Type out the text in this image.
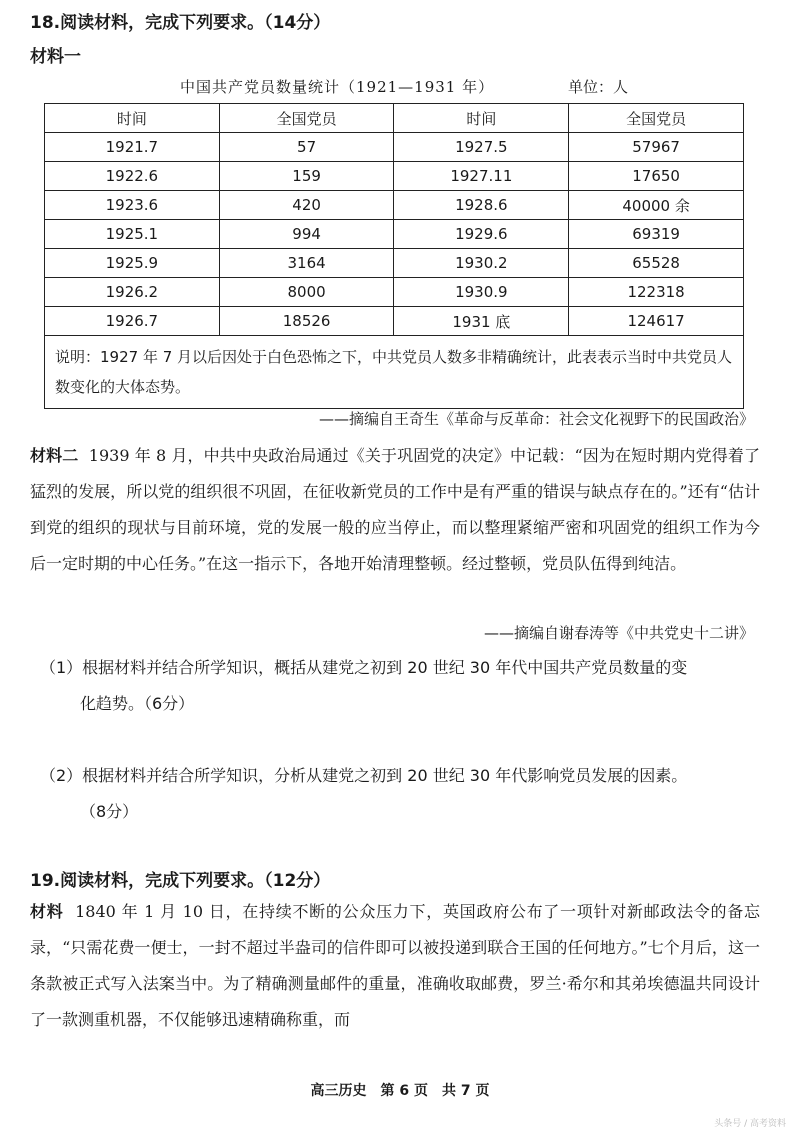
18.阅读材料，完成下列要求。（14分）
材料一
中国共产党员数量统计（1921—1931 年）	单位：人
时间	全国党员	时间	全国党员
1921.7	57	1927.5	57967
1922.6	159	1927.11	17650
1923.6	420	1928.6	40000 余
1925.1	994	1929.6	69319
1925.9	3164	1930.2	65528
1926.2	8000	1930.9	122318
1926.7	18526	1931 底	124617
说明：1927 年 7 月以后因处于白色恐怖之下，中共党员人数多非精确统计，此表表示当时中共党员人数变化的大体态势。			
——摘编自王奇生《革命与反革命：社会文化视野下的民国政治》
材料二 1939 年 8 月，中共中央政治局通过《关于巩固党的决定》中记载：“因为在短时期内党得着了猛烈的发展，所以党的组织很不巩固，在征收新党员的工作中是有严重的错误与缺点存在的。”还有“估计到党的组织的现状与目前环境，党的发展一般的应当停止，而以整理紧缩严密和巩固党的组织工作为今后一定时期的中心任务。”在这一指示下，各地开始清理整顿。经过整顿，党员队伍得到纯洁。
——摘编自谢春涛等《中共党史十二讲》
（1）根据材料并结合所学知识，概括从建党之初到 20 世纪 30 年代中国共产党员数量的变
化趋势。（6分）
（2）根据材料并结合所学知识，分析从建党之初到 20 世纪 30 年代影响党员发展的因素。
（8分）
19.阅读材料，完成下列要求。（12分）
材料 1840 年 1 月 10 日，在持续不断的公众压力下，英国政府公布了一项针对新邮政法令的备忘录，“只需花费一便士，一封不超过半盎司的信件即可以被投递到联合王国的任何地方。”七个月后，这一条款被正式写入法案当中。为了精确测量邮件的重量，准确收取邮费，罗兰·希尔和其弟埃德温共同设计了一款测重机器，不仅能够迅速精确称重，而
高三历史　第 6 页　共 7 页
头条号 / 高考资料
